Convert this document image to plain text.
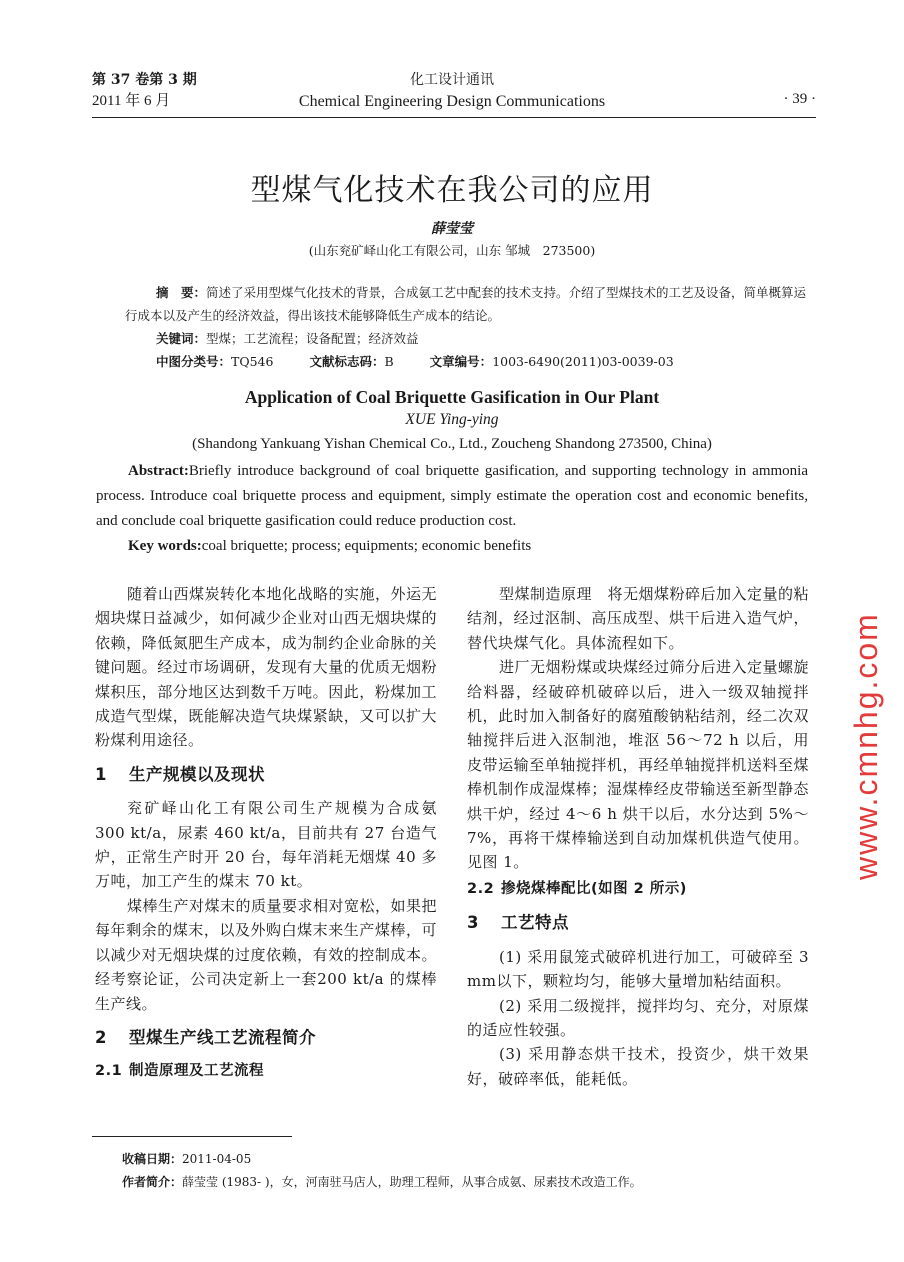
第 37 卷第 3 期
2011 年 6 月
化工设计通讯
Chemical Engineering Design Communications	· 39 ·
型煤气化技术在我公司的应用
薛莹莹
(山东兖矿峄山化工有限公司，山东 邹城　273500)

摘　要：简述了采用型煤气化技术的背景，合成氨工艺中配套的技术支持。介绍了型煤技术的工艺及设备，简单概算运行成本以及产生的经济效益，得出该技术能够降低生产成本的结论。

关键词：型煤；工艺流程；设备配置；经济效益

中图分类号：TQ546	文献标志码：B	文章编号：1003-6490(2011)03-0039-03

Application of Coal Briquette Gasification in Our Plant
XUE Ying-ying
(Shandong Yankuang Yishan Chemical Co., Ltd., Zoucheng Shandong 273500, China)

Abstract:Briefly introduce background of coal briquette gasification, and supporting technology in ammonia process. Introduce coal briquette process and equipment, simply estimate the operation cost and economic benefits, and conclude coal briquette gasification could reduce production cost.

Key words:coal briquette; process; equipments; economic benefits

随着山西煤炭转化本地化战略的实施，外运无烟块煤日益减少，如何减少企业对山西无烟块煤的依赖，降低氮肥生产成本，成为制约企业命脉的关键问题。经过市场调研，发现有大量的优质无烟粉煤积压，部分地区达到数千万吨。因此，粉煤加工成造气型煤，既能解决造气块煤紧缺，又可以扩大粉煤利用途径。

1 生产规模以及现状

兖矿峄山化工有限公司生产规模为合成氨 300 kt/a，尿素 460 kt/a，目前共有 27 台造气炉，正常生产时开 20 台，每年消耗无烟煤 40 多万吨，加工产生的煤末 70 kt。

煤棒生产对煤末的质量要求相对宽松，如果把每年剩余的煤末，以及外购白煤末来生产煤棒，可以减少对无烟块煤的过度依赖，有效的控制成本。经考察论证，公司决定新上一套200 kt/a 的煤棒生产线。

2 型煤生产线工艺流程简介

2.1 制造原理及工艺流程

型煤制造原理　将无烟煤粉碎后加入定量的粘结剂，经过沤制、高压成型、烘干后进入造气炉，替代块煤气化。具体流程如下。

进厂无烟粉煤或块煤经过筛分后进入定量螺旋给料器，经破碎机破碎以后，进入一级双轴搅拌机，此时加入制备好的腐殖酸钠粘结剂，经二次双轴搅拌后进入沤制池，堆沤 56～72 h 以后，用皮带运输至单轴搅拌机，再经单轴搅拌机送料至煤棒机制作成湿煤棒；湿煤棒经皮带输送至新型静态烘干炉，经过 4～6 h 烘干以后，水分达到 5%～7%，再将干煤棒输送到自动加煤机供造气使用。见图 1。

2.2 掺烧煤棒配比(如图 2 所示)

3 工艺特点

(1) 采用鼠笼式破碎机进行加工，可破碎至 3 mm以下，颗粒均匀，能够大量增加粘结面积。

(2) 采用二级搅拌，搅拌均匀、充分，对原煤的适应性较强。

(3) 采用静态烘干技术，投资少，烘干效果好，破碎率低，能耗低。

收稿日期：2011-04-05
作者简介：薛莹莹 (1983- )，女，河南驻马店人，助理工程师，从事合成氨、尿素技术改造工作。
www.cmnhg.com
